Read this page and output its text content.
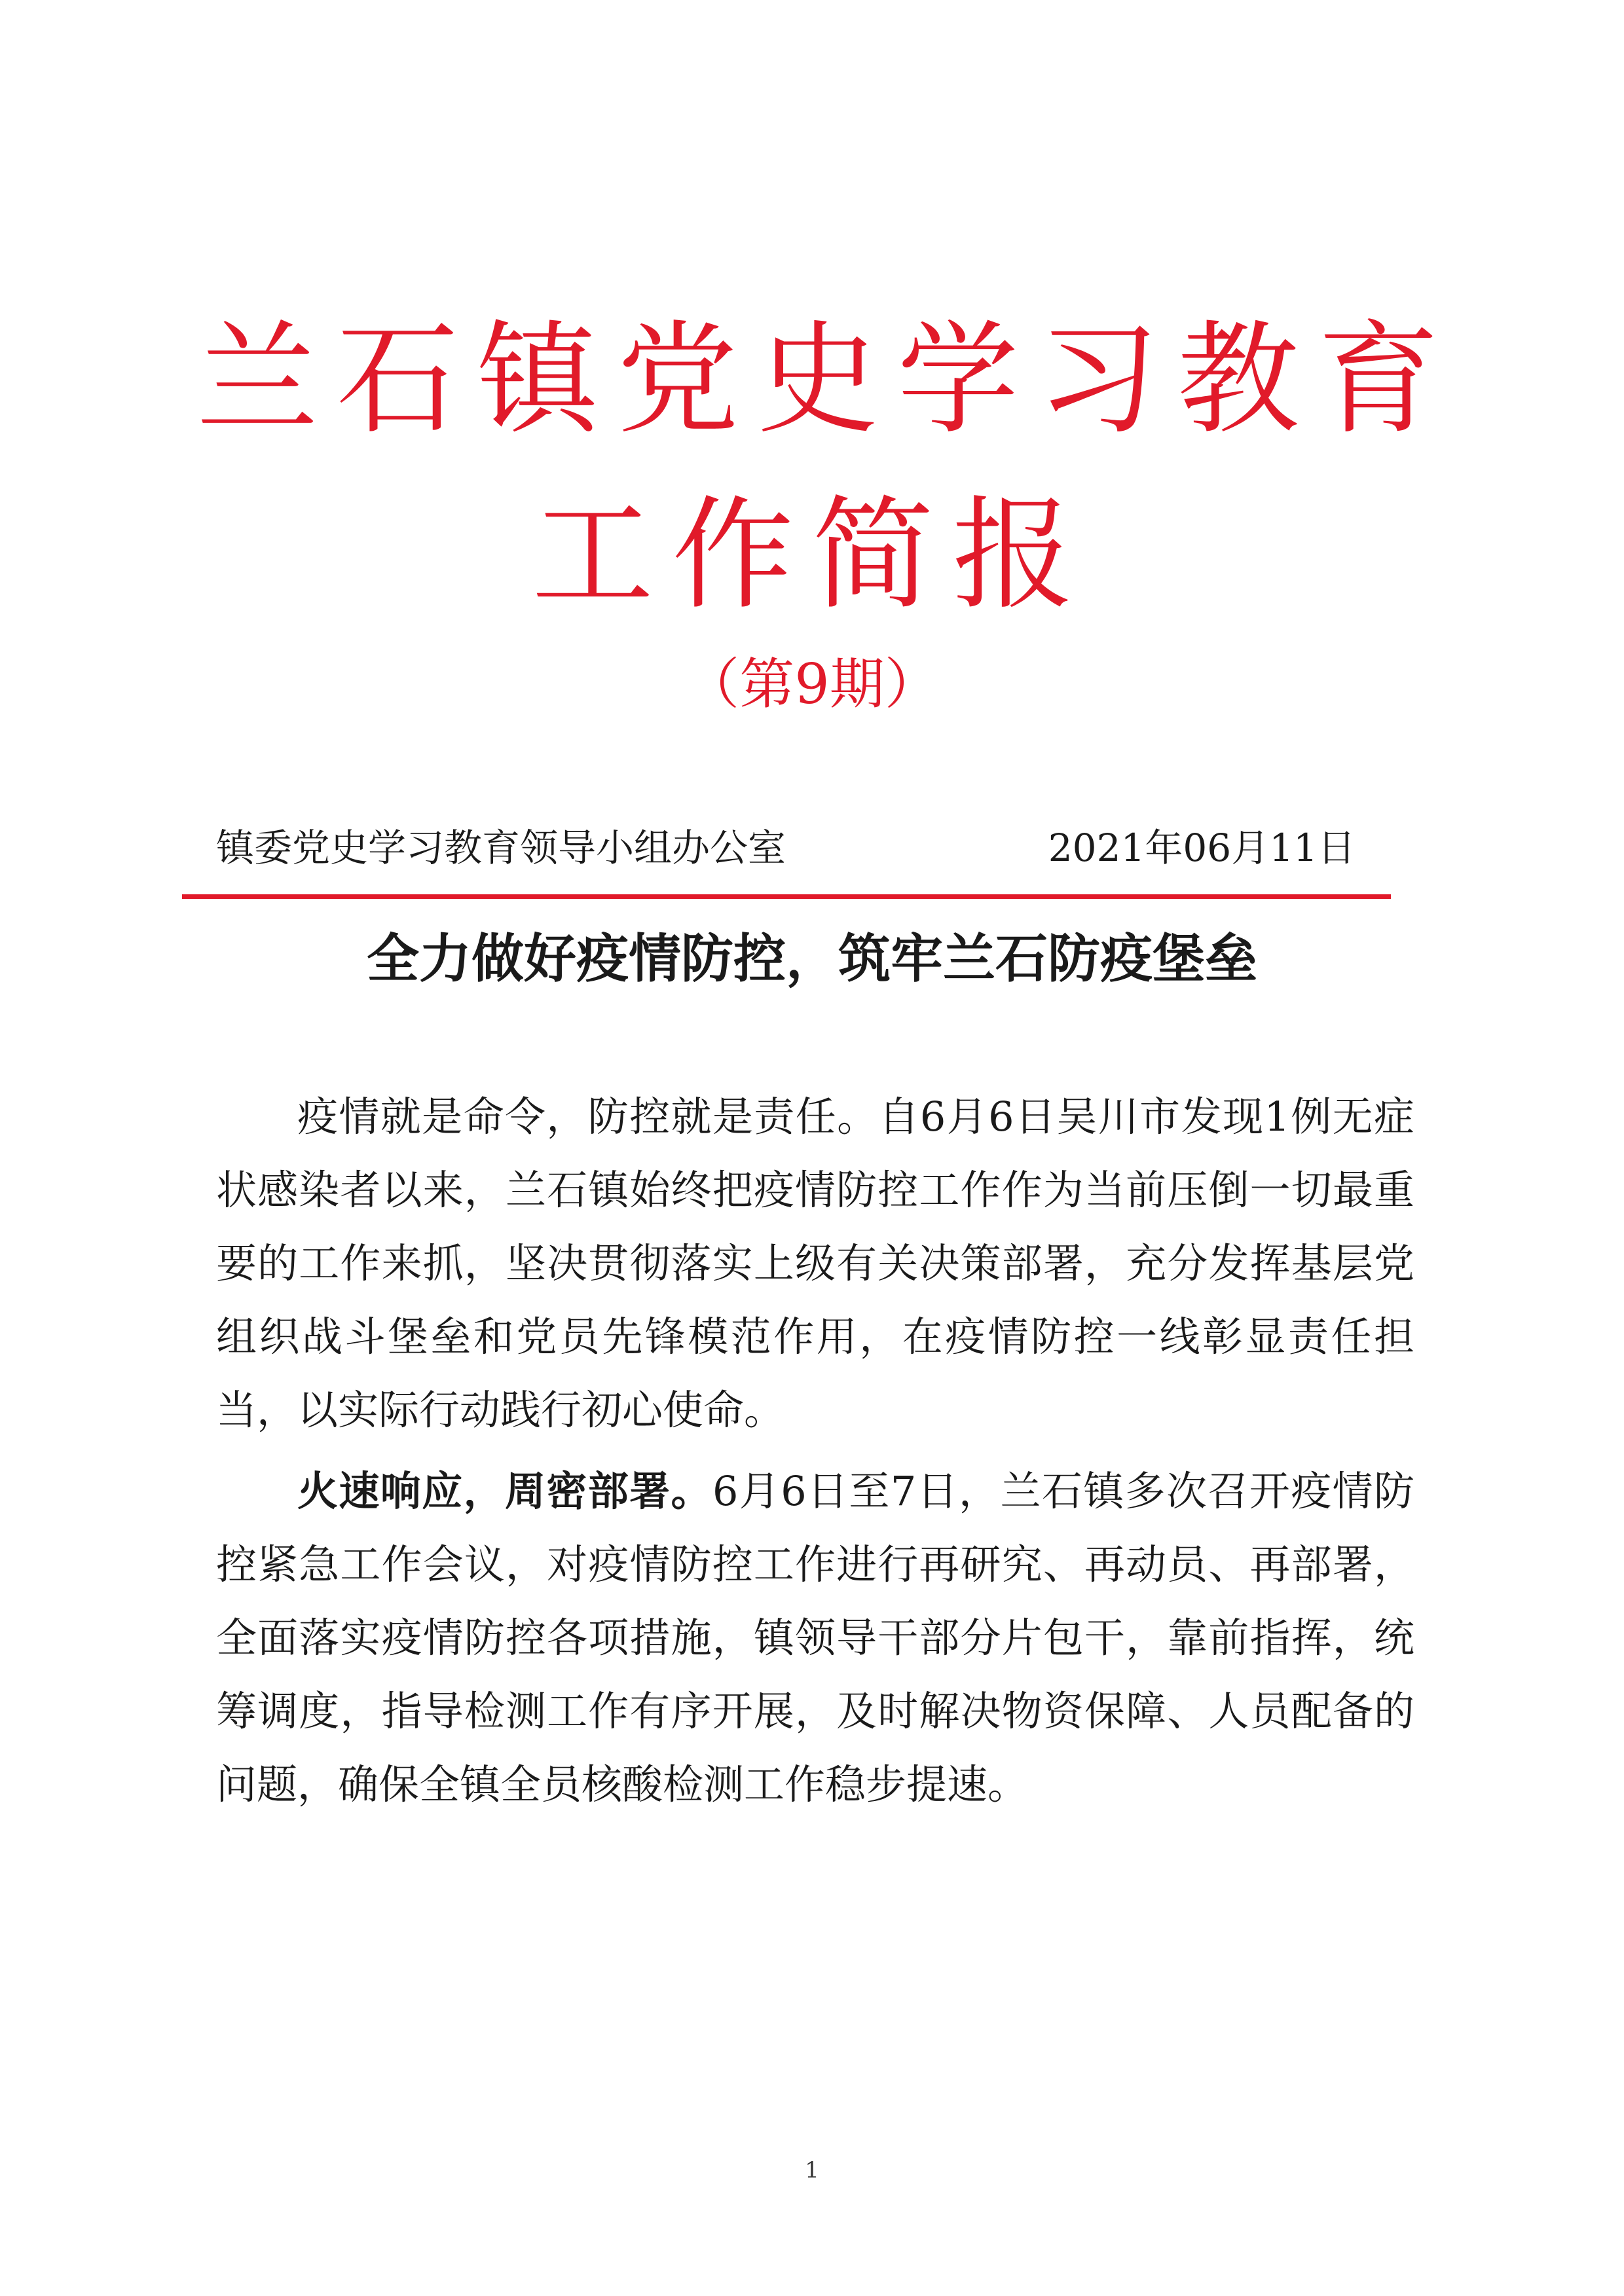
兰石镇党史学习教育
工作简报
（第9期）
镇委党史学习教育领导小组办公室	2021年06月11日
全力做好疫情防控，筑牢兰石防疫堡垒

疫情就是命令，防控就是责任。自6月6日吴川市发现1例无症状感染者以来，兰石镇始终把疫情防控工作作为当前压倒一切最重要的工作来抓，坚决贯彻落实上级有关决策部署，充分发挥基层党组织战斗堡垒和党员先锋模范作用，在疫情防控一线彰显责任担当，以实际行动践行初心使命。

火速响应，周密部署。6月6日至7日，兰石镇多次召开疫情防控紧急工作会议，对疫情防控工作进行再研究、再动员、再部署，全面落实疫情防控各项措施，镇领导干部分片包干，靠前指挥，统筹调度，指导检测工作有序开展，及时解决物资保障、人员配备的问题，确保全镇全员核酸检测工作稳步提速。

1
